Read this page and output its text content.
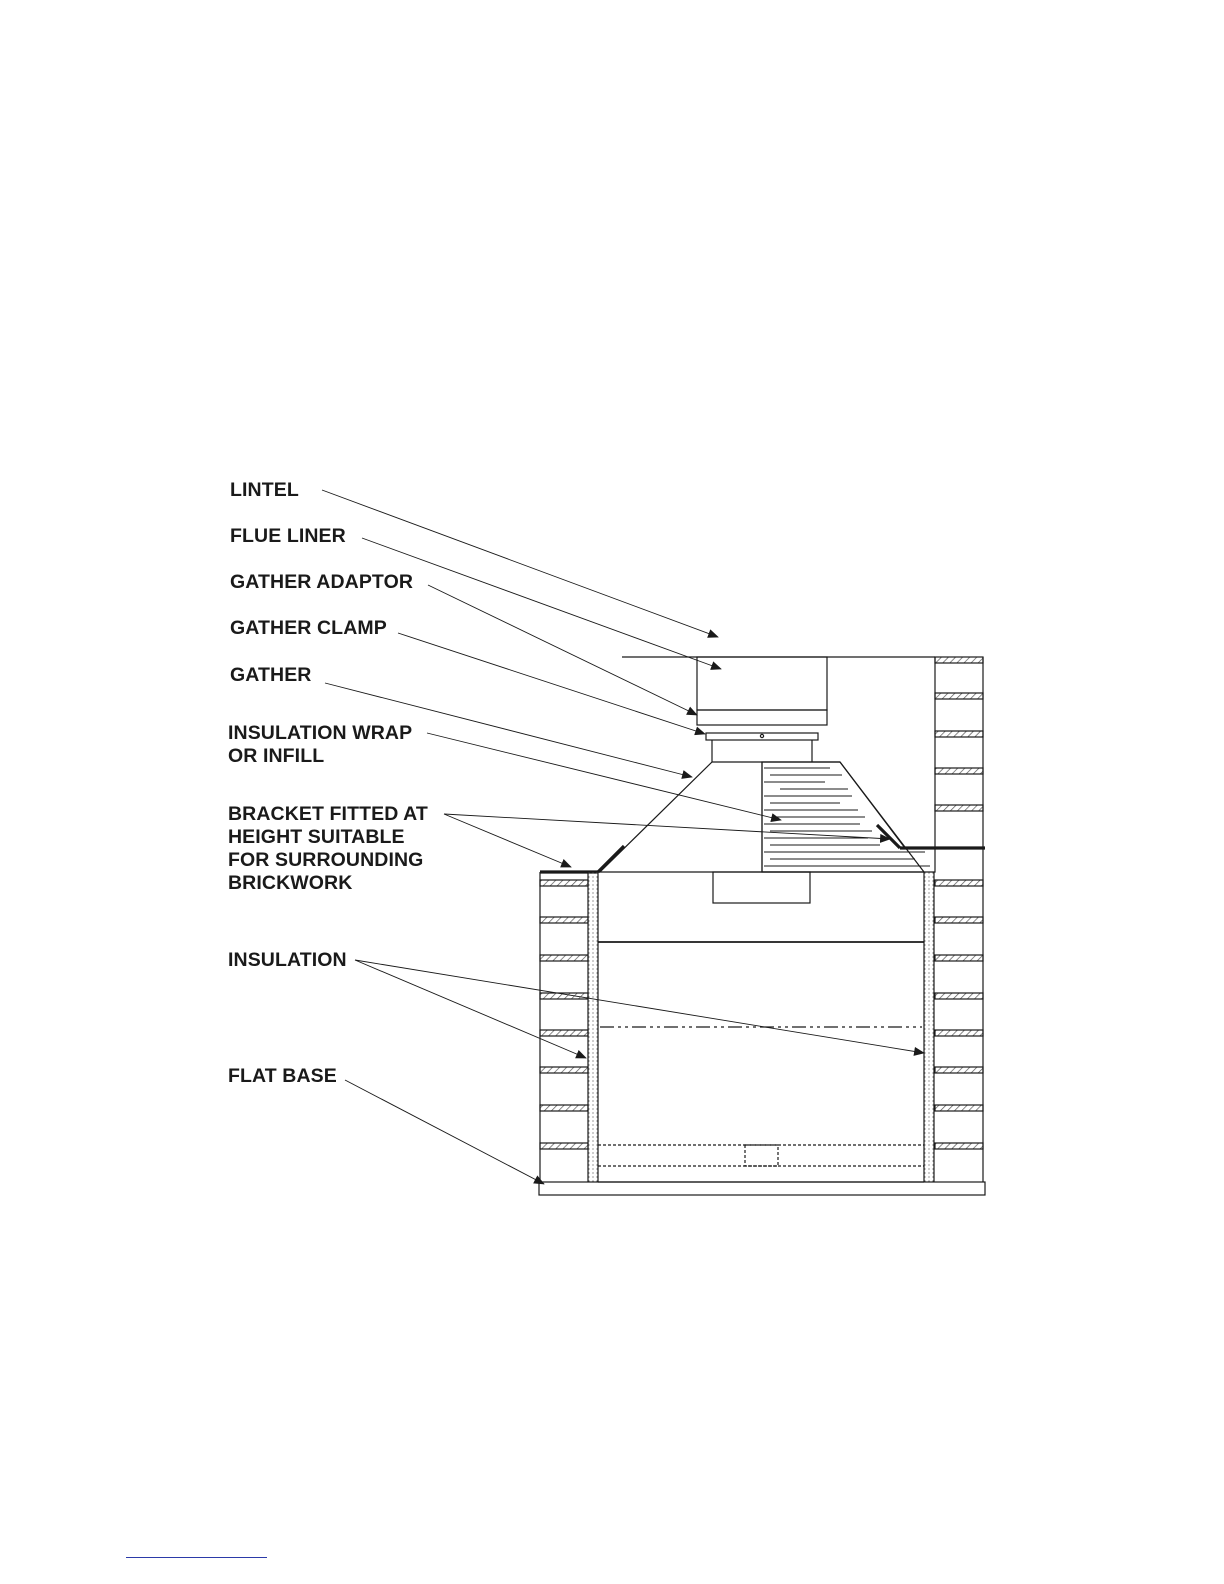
LINTEL
FLUE LINER
GATHER ADAPTOR
GATHER CLAMP
GATHER
INSULATION WRAP
OR INFILL
BRACKET FITTED AT
HEIGHT SUITABLE
FOR SURROUNDING
BRICKWORK
INSULATION
FLAT BASE
